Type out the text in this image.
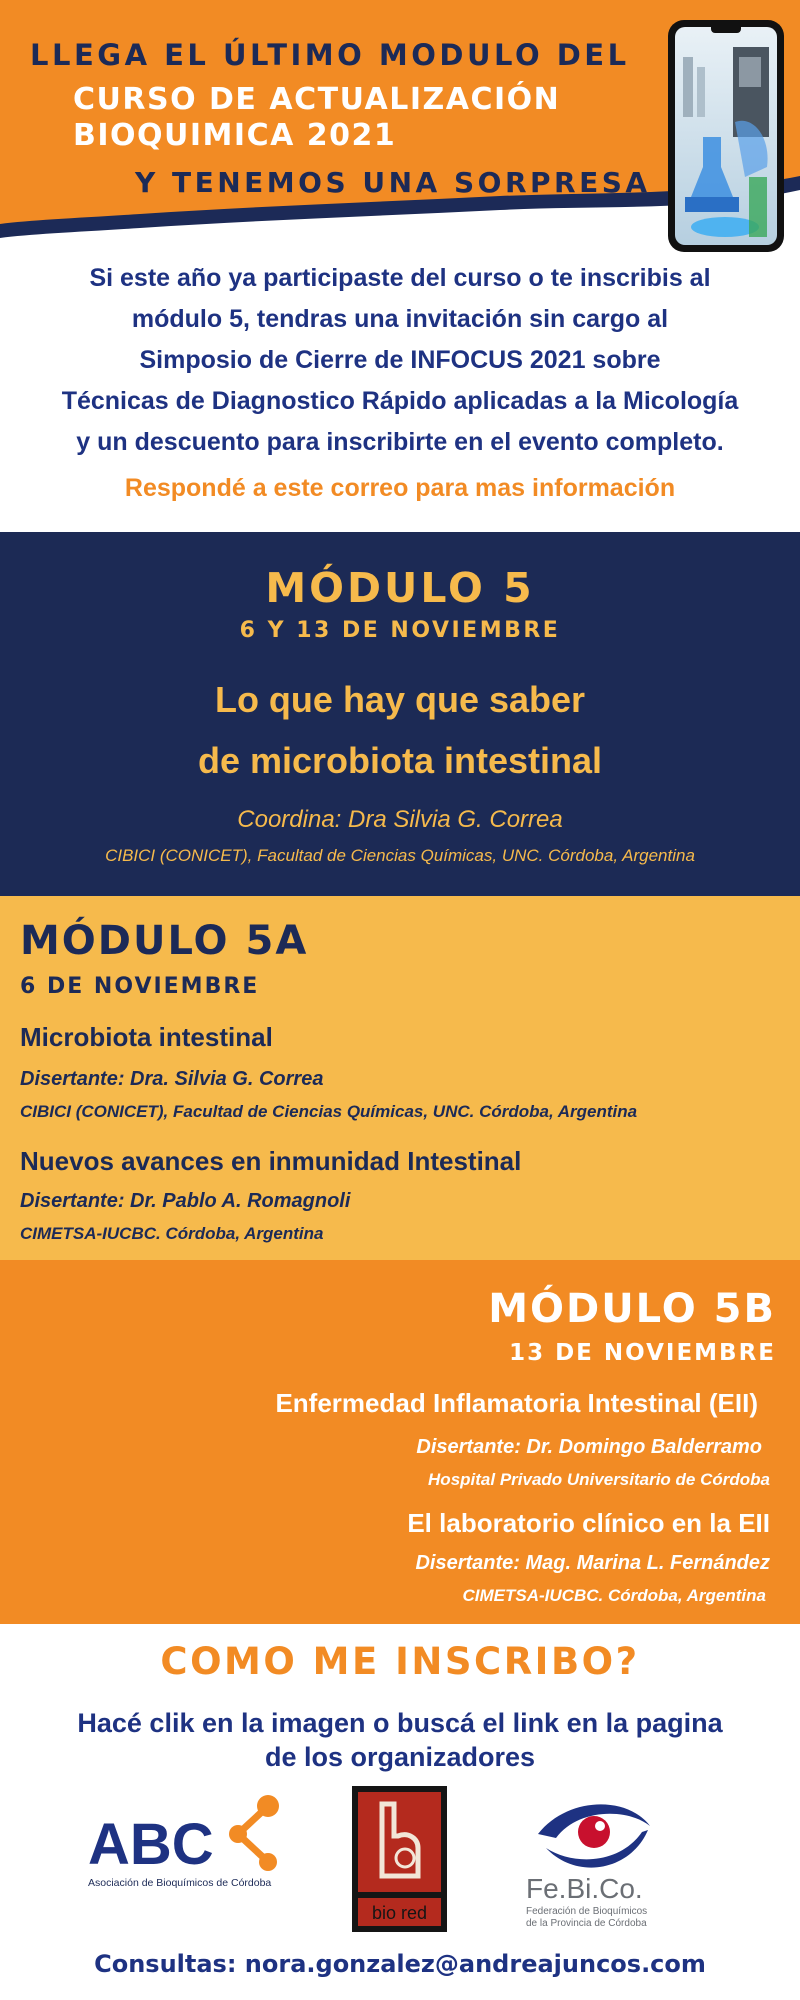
LLEGA EL ÚLTIMO MODULO DEL
CURSO DE ACTUALIZACIÓN
BIOQUIMICA 2021
Y TENEMOS UNA SORPRESA

Si este año ya participaste del curso o te inscribis al

módulo 5, tendras una invitación sin cargo al

Simposio de Cierre de INFOCUS 2021 sobre

Técnicas de Diagnostico Rápido aplicadas a la Micología

y un descuento para inscribirte en el evento completo.

Respondé a este correo para mas información

MÓDULO 5
6 Y 13 DE NOVIEMBRE
Lo que hay que saber
de microbiota intestinal
Coordina: Dra Silvia G. Correa
CIBICI (CONICET), Facultad de Ciencias Químicas, UNC. Córdoba, Argentina
MÓDULO 5A
6 DE NOVIEMBRE
Microbiota intestinal
Disertante: Dra. Silvia G. Correa
CIBICI (CONICET), Facultad de Ciencias Químicas, UNC. Córdoba, Argentina
Nuevos avances en inmunidad Intestinal
Disertante: Dr. Pablo A. Romagnoli
CIMETSA-IUCBC. Córdoba, Argentina
MÓDULO 5B
13 DE NOVIEMBRE
Enfermedad Inflamatoria Intestinal (EII)
Disertante: Dr. Domingo Balderramo
Hospital Privado Universitario de Córdoba
El laboratorio clínico en la EII
Disertante: Mag. Marina L. Fernández
CIMETSA-IUCBC. Córdoba, Argentina
COMO ME INSCRIBO?
Hacé clik en la imagen o buscá el link en la pagina
de los organizadores
ABC
Asociación de Bioquímicos de Córdoba
bio red
Fe.Bi.Co.
Federación de Bioquímicos
de la Provincia de Córdoba
Consultas: nora.gonzalez@andreajuncos.com
